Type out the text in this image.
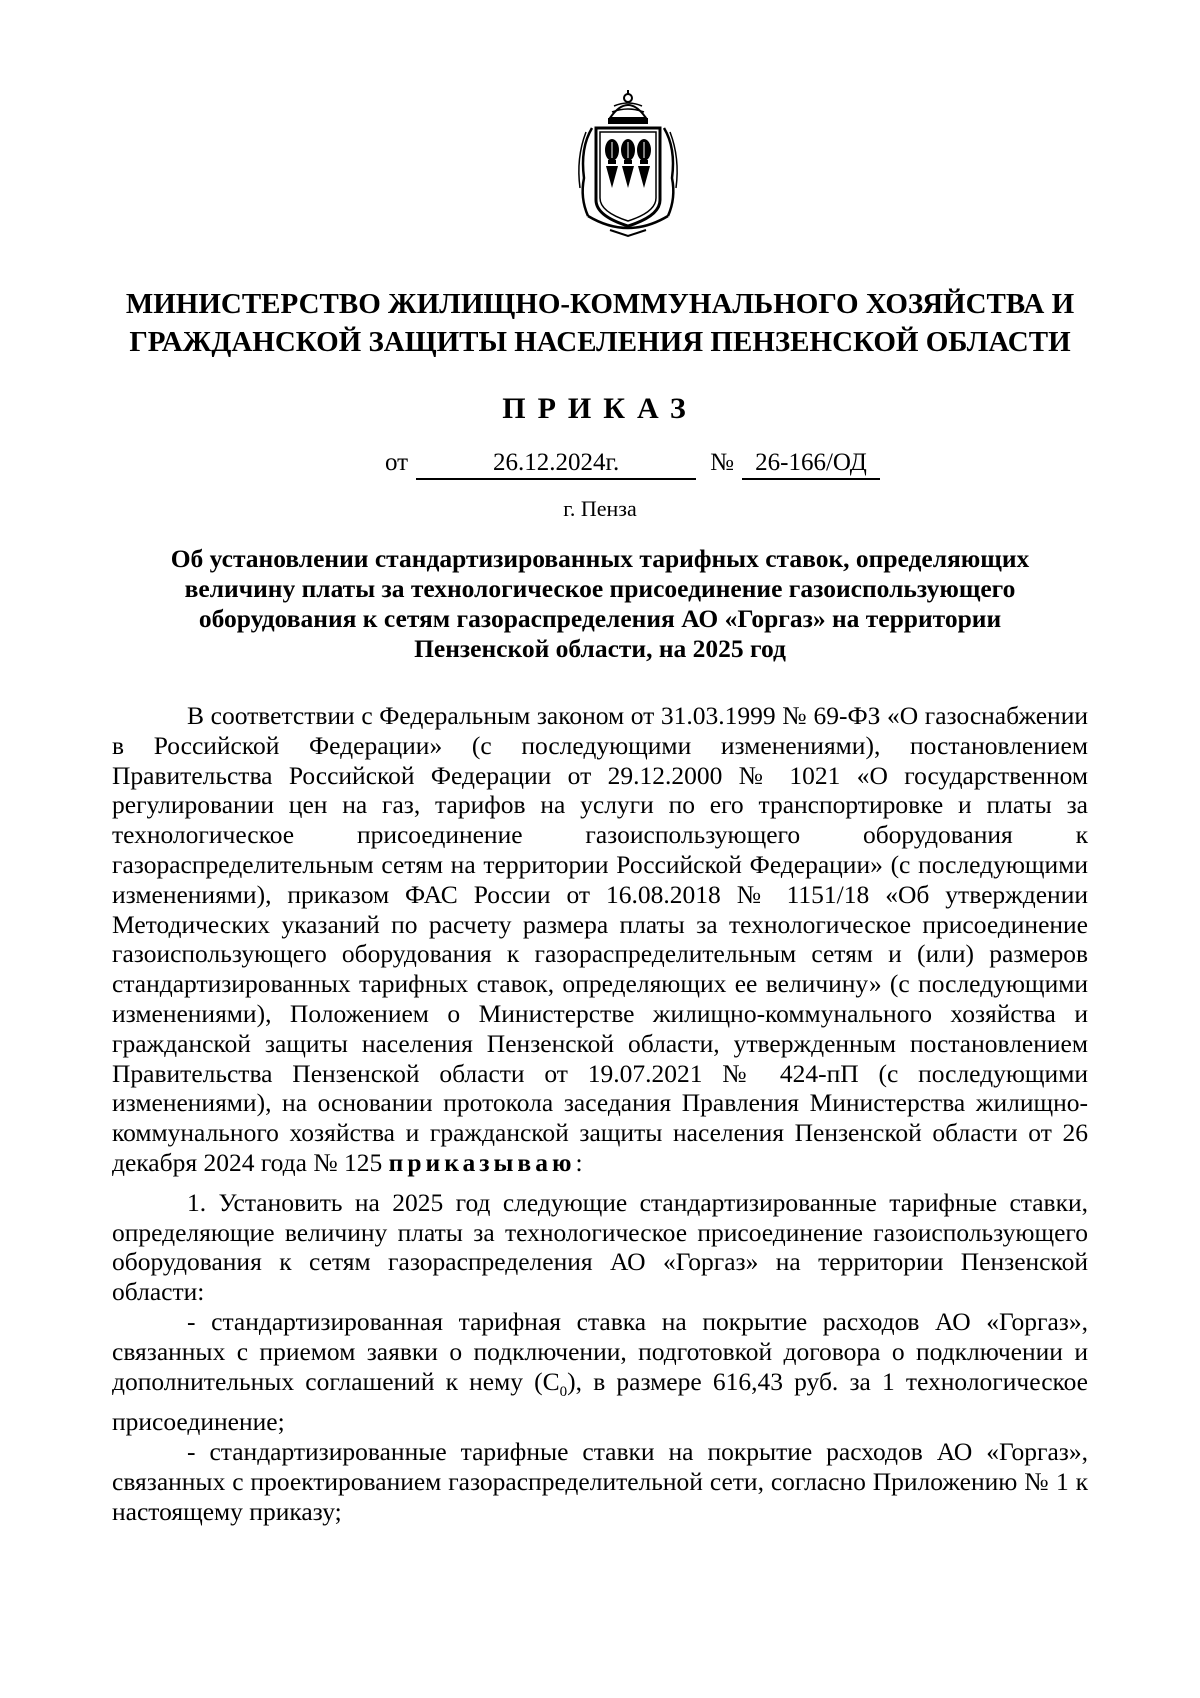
МИНИСТЕРСТВО ЖИЛИЩНО-КОММУНАЛЬНОГО ХОЗЯЙСТВА И
ГРАЖДАНСКОЙ ЗАЩИТЫ НАСЕЛЕНИЯ ПЕНЗЕНСКОЙ ОБЛАСТИ
ПРИКАЗ
от	26.12.2024г.	№ 26-166/ОД
г. Пенза
Об установлении стандартизированных тарифных ставок, определяющих
величину платы за технологическое присоединение газоиспользующего
оборудования к сетям газораспределения АО «Горгаз» на территории
Пензенской области, на 2025 год

В соответствии с Федеральным законом от 31.03.1999 № 69-ФЗ «О газоснабжении в Российской Федерации» (с последующими изменениями), постановлением Правительства Российской Федерации от 29.12.2000 № 1021 «О государственном регулировании цен на газ, тарифов на услуги по его транспортировке и платы за технологическое присоединение газоиспользующего оборудования к газораспределительным сетям на территории Российской Федерации» (с последующими изменениями), приказом ФАС России от 16.08.2018 № 1151/18 «Об утверждении Методических указаний по расчету размера платы за технологическое присоединение газоиспользующего оборудования к газораспределительным сетям и (или) размеров стандартизированных тарифных ставок, определяющих ее величину» (с последующими изменениями), Положением о Министерстве жилищно-коммунального хозяйства и гражданской защиты населения Пензенской области, утвержденным постановлением Правительства Пензенской области от 19.07.2021 № 424-пП (с последующими изменениями), на основании протокола заседания Правления Министерства жилищно-коммунального хозяйства и гражданской защиты населения Пензенской области от 26 декабря 2024 года № 125 приказываю:

1. Установить на 2025 год следующие стандартизированные тарифные ставки, определяющие величину платы за технологическое присоединение газоиспользующего оборудования к сетям газораспределения АО «Горгаз» на территории Пензенской области:

- стандартизированная тарифная ставка на покрытие расходов АО «Горгаз», связанных с приемом заявки о подключении, подготовкой договора о подключении и дополнительных соглашений к нему $(С_0)$, в размере 616,43 руб. за 1 технологическое присоединение;

- стандартизированные тарифные ставки на покрытие расходов АО «Горгаз», связанных с проектированием газораспределительной сети, согласно Приложению № 1 к настоящему приказу;
